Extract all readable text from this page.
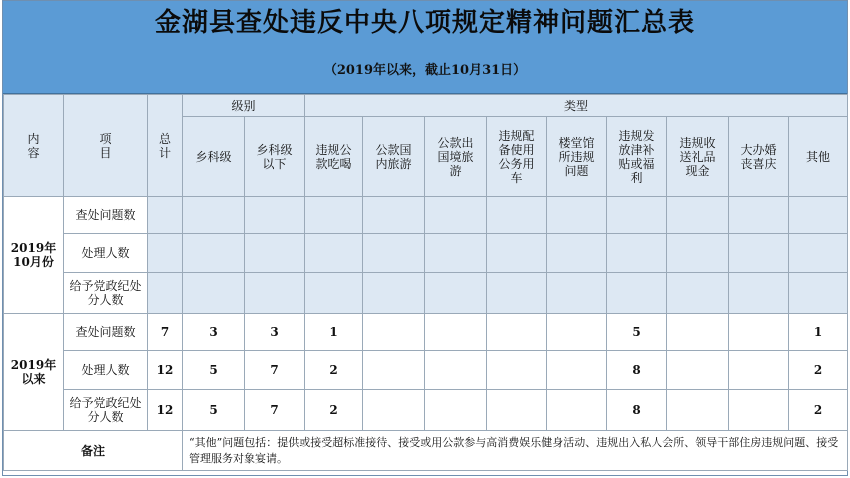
金湖县查处违反中央八项规定精神问题汇总表
（2019年以来，截止10月31日）
内容	项目	总计	级别		类型								
			乡科级	乡科级以下	违规公款吃喝	公款国内旅游	公款出国境旅游	违规配备使用公务用车	楼堂馆所违规问题	违规发放津补贴或福利	违规收送礼品现金	大办婚丧喜庆	其他
2019年10月份	查处问题数												
	处理人数												
	给予党政纪处分人数												
2019年以来	查处问题数	7	3	3	1					5			1
	处理人数	12	5	7	2					8			2
	给予党政纪处分人数	12	5	7	2					8			2
备注			“其他”问题包括：提供或接受超标准接待、接受或用公款参与高消费娱乐健身活动、违规出入私人会所、领导干部住房违规问题、接受管理服务对象宴请。										
